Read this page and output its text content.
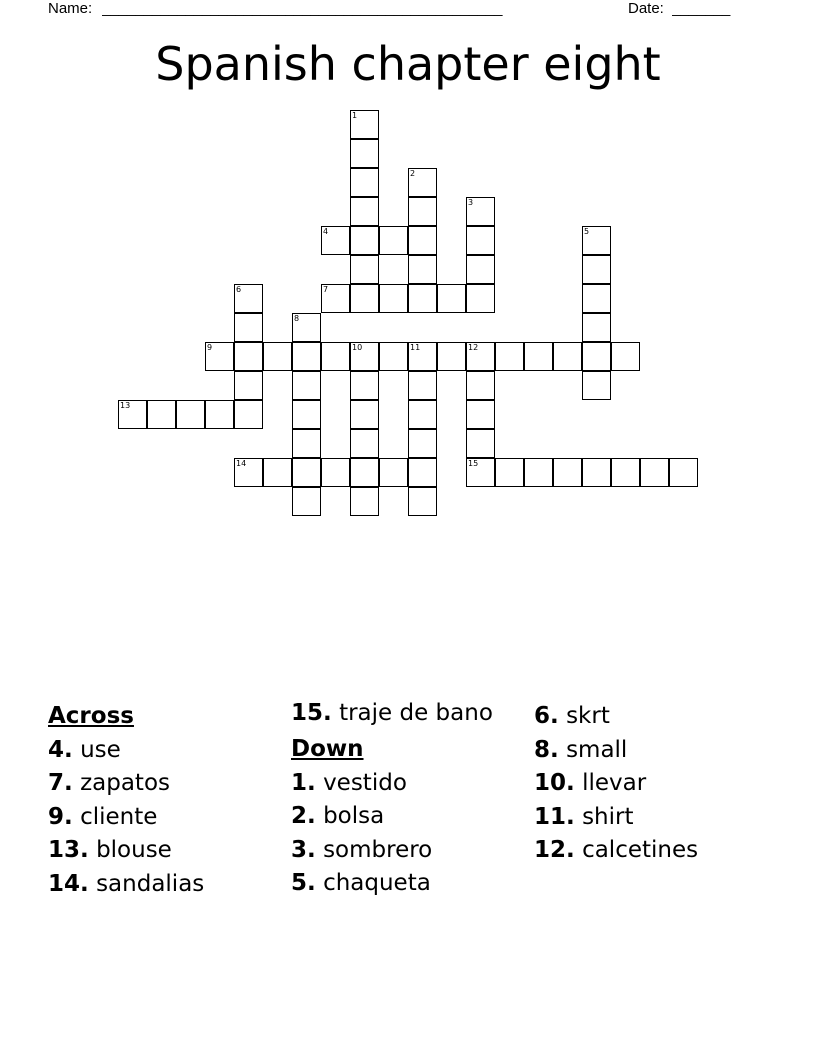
Name: ________________________________________________	Date: _______
Spanish chapter eight
1
2
3
4	5
6	7
8
9	10	11	12
15
13
14
Across
4. use
7. zapatos
9. cliente
13. blouse
14. sandalias
15. traje de bano
Down
1. vestido
2. bolsa
3. sombrero
5. chaqueta
6. skrt
8. small
10. llevar
11. shirt
12. calcetines
